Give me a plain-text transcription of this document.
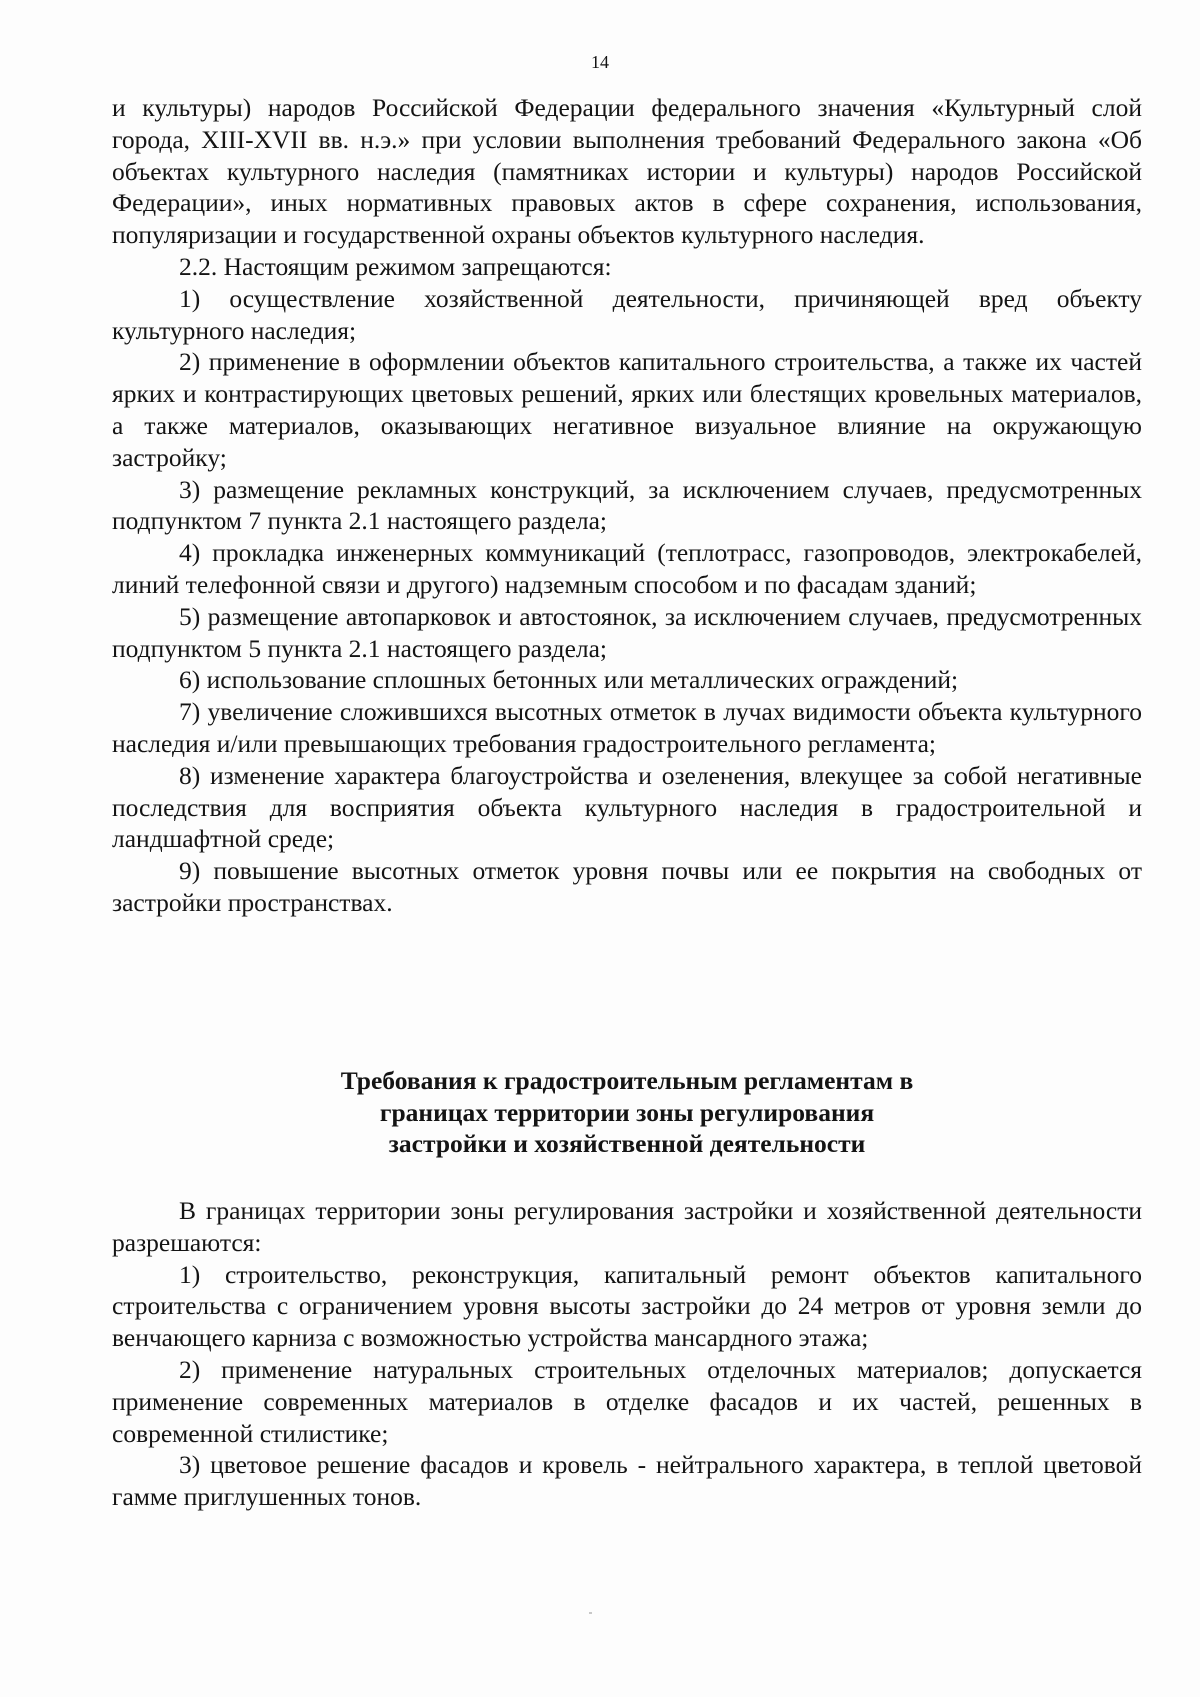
14

и культуры) народов Российской Федерации федерального значения «Культурный слой города, XIII-XVII вв. н.э.» при условии выполнения требований Федерального закона «Об объектах культурного наследия (памятниках истории и культуры) народов Российской Федерации», иных нормативных правовых актов в сфере сохранения, использования, популяризации и государственной охраны объектов культурного наследия.

2.2. Настоящим режимом запрещаются:

1) осуществление хозяйственной деятельности, причиняющей вред объекту культурного наследия;

2) применение в оформлении объектов капитального строительства, а также их частей ярких и контрастирующих цветовых решений, ярких или блестящих кровельных материалов, а также материалов, оказывающих негативное визуальное влияние на окружающую застройку;

3) размещение рекламных конструкций, за исключением случаев, предусмотренных подпунктом 7 пункта 2.1 настоящего раздела;

4) прокладка инженерных коммуникаций (теплотрасс, газопроводов, электрокабелей, линий телефонной связи и другого) надземным способом и по фасадам зданий;

5) размещение автопарковок и автостоянок, за исключением случаев, предусмотренных подпунктом 5 пункта 2.1 настоящего раздела;

6) использование сплошных бетонных или металлических ограждений;

7) увеличение сложившихся высотных отметок в лучах видимости объекта культурного наследия и/или превышающих требования градостроительного регламента;

8) изменение характера благоустройства и озеленения, влекущее за собой негативные последствия для восприятия объекта культурного наследия в градостроительной и ландшафтной среде;

9) повышение высотных отметок уровня почвы или ее покрытия на свободных от застройки пространствах.

Требования к градостроительным регламентам в
границах территории зоны регулирования
застройки и хозяйственной деятельности

В границах территории зоны регулирования застройки и хозяйственной деятельности разрешаются:

1) строительство, реконструкция, капитальный ремонт объектов капитального строительства с ограничением уровня высоты застройки до 24 метров от уровня земли до венчающего карниза с возможностью устройства мансардного этажа;

2) применение натуральных строительных отделочных материалов; допускается применение современных материалов в отделке фасадов и их частей, решенных в современной стилистике;

3) цветовое решение фасадов и кровель - нейтрального характера, в теплой цветовой гамме приглушенных тонов.
